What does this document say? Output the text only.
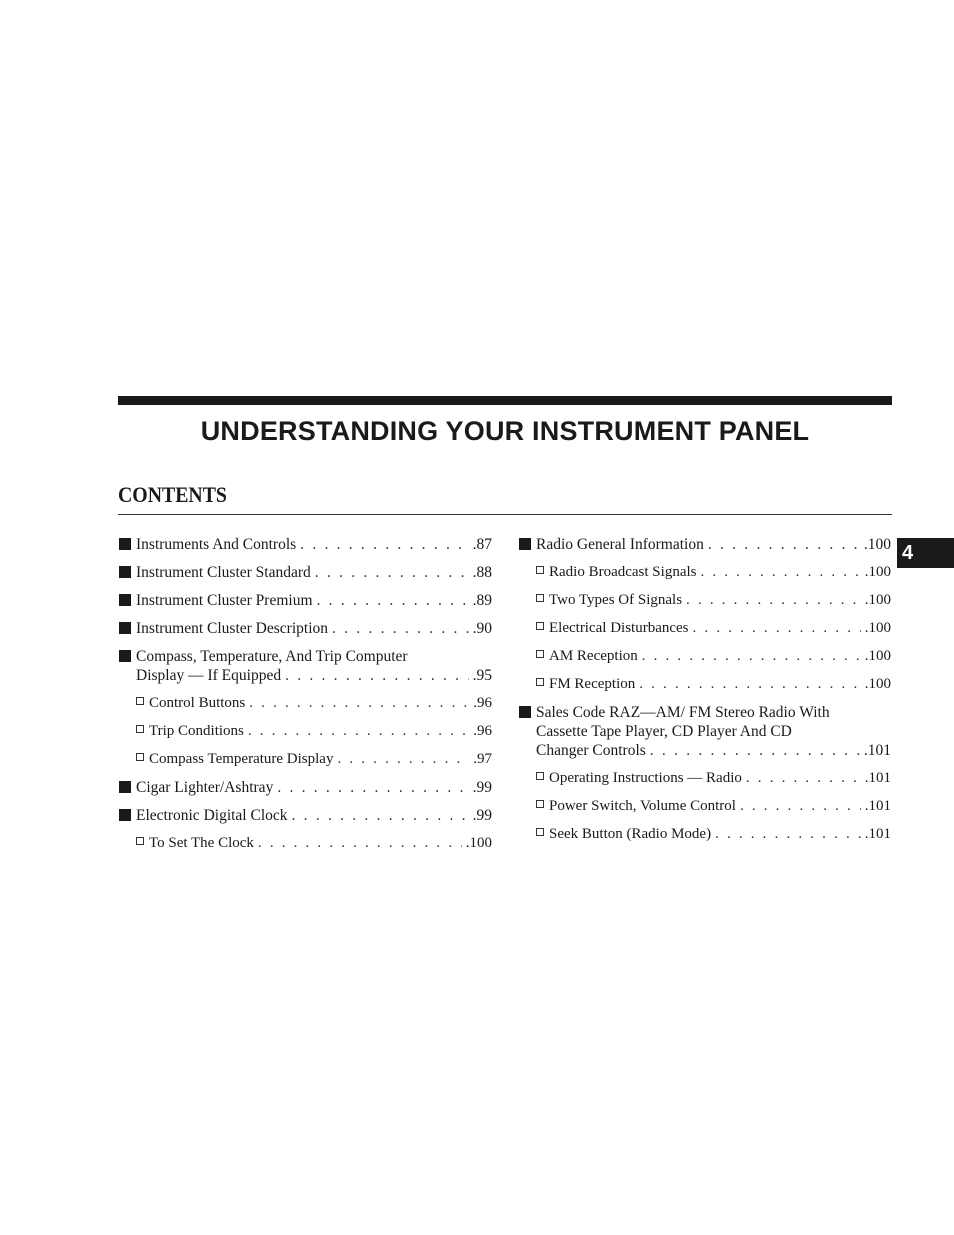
UNDERSTANDING YOUR INSTRUMENT PANEL
CONTENTS
4
Instruments And Controls . . .	.87
Instrument Cluster Standard . . .	.88
Instrument Cluster Premium . . .	.89
Instrument Cluster Description . . .	.90
Compass, Temperature, And Trip Computer
Display — If Equipped . . .	.95
Control Buttons . . .	.96
Trip Conditions . . .	.96
Compass Temperature Display . . .	.97
Cigar Lighter/Ashtray . . .	.99
Electronic Digital Clock . . .	.99
To Set The Clock . . .	.100
Radio General Information . . .	.100
Radio Broadcast Signals . . .	.100
Two Types Of Signals . . .	.100
Electrical Disturbances . . .	.100
AM Reception . . .	.100
FM Reception . . .	.100
Sales Code RAZ—AM/ FM Stereo Radio With
Cassette Tape Player, CD Player And CD
Changer Controls . . .	.101
Operating Instructions — Radio . . .	.101
Power Switch, Volume Control . . .	.101
Seek Button (Radio Mode) . . .	.101
